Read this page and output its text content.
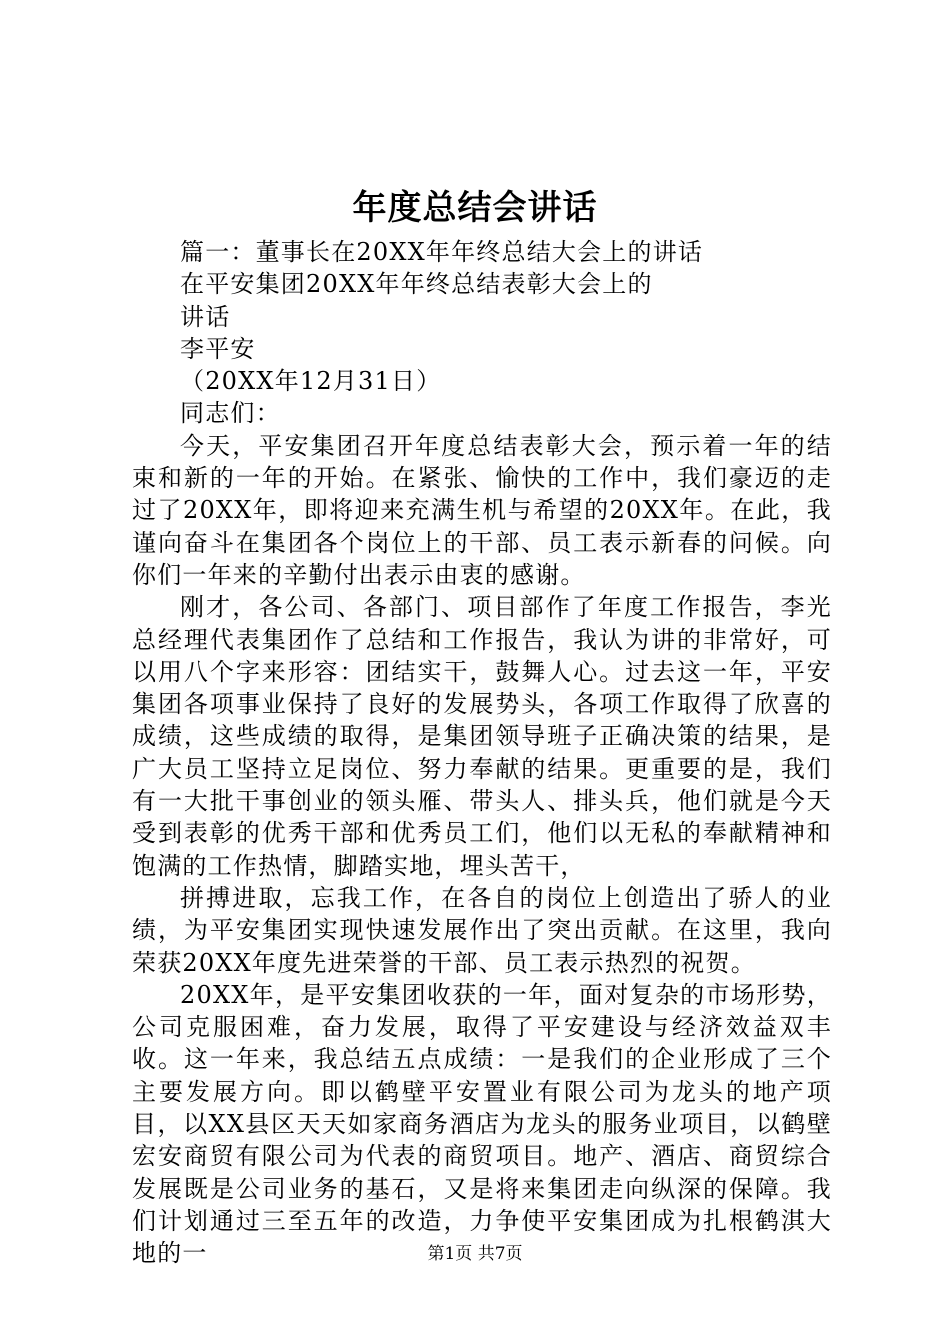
年度总结会讲话

篇一：董事长在20XX年年终总结大会上的讲话

在平安集团20XX年年终总结表彰大会上的

讲话

李平安

（20XX年12月31日）

同志们：

今天，平安集团召开年度总结表彰大会，预示着一年的结束和新的一年的开始。在紧张、愉快的工作中，我们豪迈的走过了20XX年，即将迎来充满生机与希望的20XX年。在此，我谨向奋斗在集团各个岗位上的干部、员工表示新春的问候。向你们一年来的辛勤付出表示由衷的感谢。

刚才，各公司、各部门、项目部作了年度工作报告，李光总经理代表集团作了总结和工作报告，我认为讲的非常好，可以用八个字来形容：团结实干，鼓舞人心。过去这一年，平安集团各项事业保持了良好的发展势头，各项工作取得了欣喜的成绩，这些成绩的取得，是集团领导班子正确决策的结果，是广大员工坚持立足岗位、努力奉献的结果。更重要的是，我们有一大批干事创业的领头雁、带头人、排头兵，他们就是今天受到表彰的优秀干部和优秀员工们，他们以无私的奉献精神和饱满的工作热情，脚踏实地，埋头苦干，

拼搏进取，忘我工作，在各自的岗位上创造出了骄人的业绩，为平安集团实现快速发展作出了突出贡献。在这里，我向荣获20XX年度先进荣誉的干部、员工表示热烈的祝贺。

20XX年，是平安集团收获的一年，面对复杂的市场形势，公司克服困难，奋力发展，取得了平安建设与经济效益双丰收。这一年来，我总结五点成绩：一是我们的企业形成了三个主要发展方向。即以鹤壁平安置业有限公司为龙头的地产项目，以XX县区天天如家商务酒店为龙头的服务业项目，以鹤壁宏安商贸有限公司为代表的商贸项目。地产、酒店、商贸综合发展既是公司业务的基石，又是将来集团走向纵深的保障。我们计划通过三至五年的改造，力争使平安集团成为扎根鹤淇大地的一	第1页 共7页
